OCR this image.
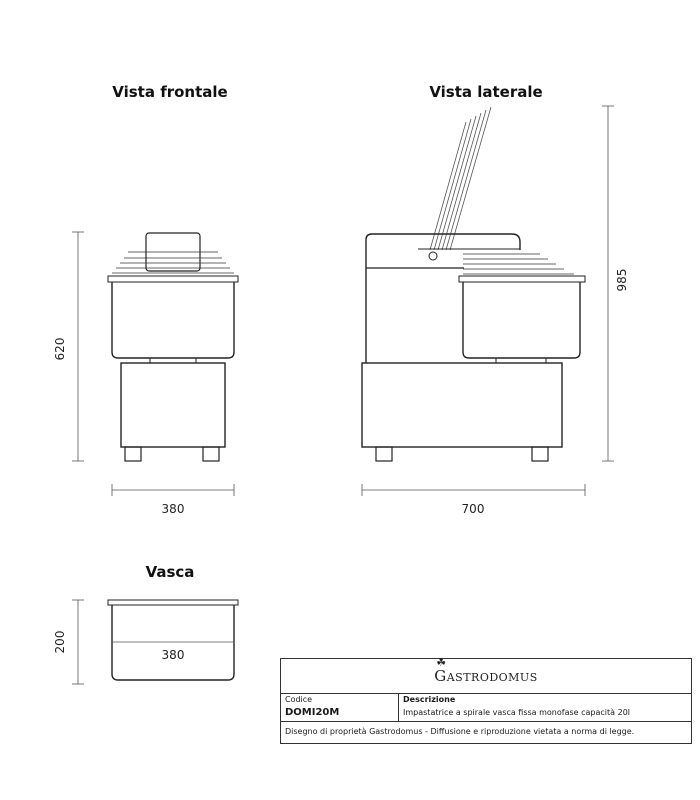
Vista frontale	Vista laterale
Vasca
620
380
985
700
380
200
☘
Gastrodomus
Codice
DOMI20M
Descrizione
Impastatrice a spirale vasca fissa monofase capacità 20l
Disegno di proprietà Gastrodomus - Diffusione e riproduzione vietata a norma di legge.
